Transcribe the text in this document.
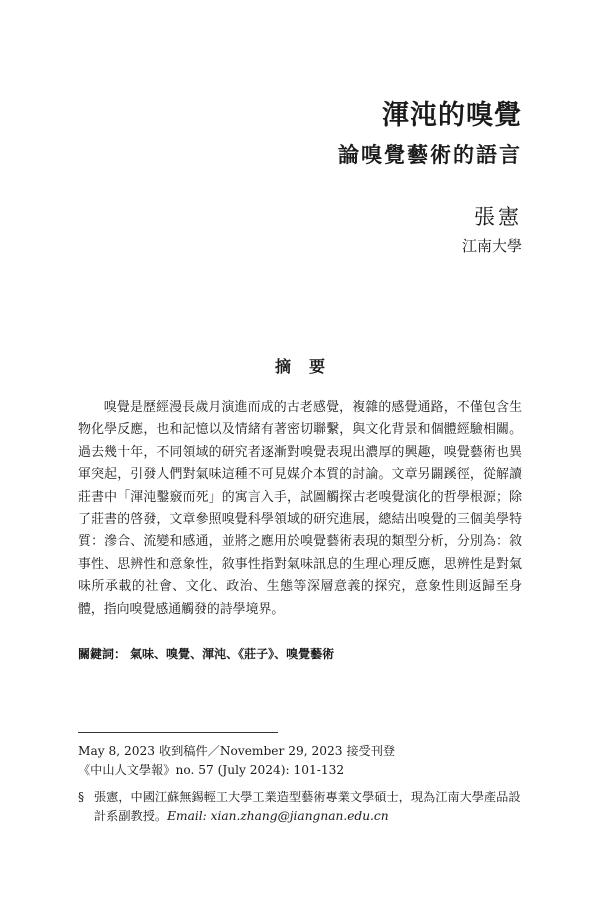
渾沌的嗅覺
論嗅覺藝術的語言
張憲
江南大學
摘要

嗅覺是歷經漫長歲月演進而成的古老感覺，複雜的感覺通路，不僅包含生物化學反應，也和記憶以及情緒有著密切聯繫，與文化背景和個體經驗相關。過去幾十年，不同領域的研究者逐漸對嗅覺表現出濃厚的興趣，嗅覺藝術也異軍突起，引發人們對氣味這種不可見媒介本質的討論。文章另闢蹊徑，從解讀莊書中「渾沌鑿竅而死」的寓言入手，試圖觸探古老嗅覺演化的哲學根源；除了莊書的啓發，文章參照嗅覺科學領域的研究進展，總結出嗅覺的三個美學特質：滲合、流變和感通，並將之應用於嗅覺藝術表現的類型分析，分別為：敘事性、思辨性和意象性，敘事性指對氣味訊息的生理心理反應，思辨性是對氣味所承載的社會、文化、政治、生態等深層意義的探究，意象性則返歸至身體，指向嗅覺感通觸發的詩學境界。

關鍵詞： 氣味、嗅覺、渾沌、《莊子》、嗅覺藝術
May 8, 2023 收到稿件／November 29, 2023 接受刊登
《中山人文學報》no. 57 (July 2024): 101-132
§ 張憲，中國江蘇無錫輕工大學工業造型藝術專業文學碩士，現為江南大學產品設計系副教授。Email: xian.zhang@jiangnan.edu.cn
